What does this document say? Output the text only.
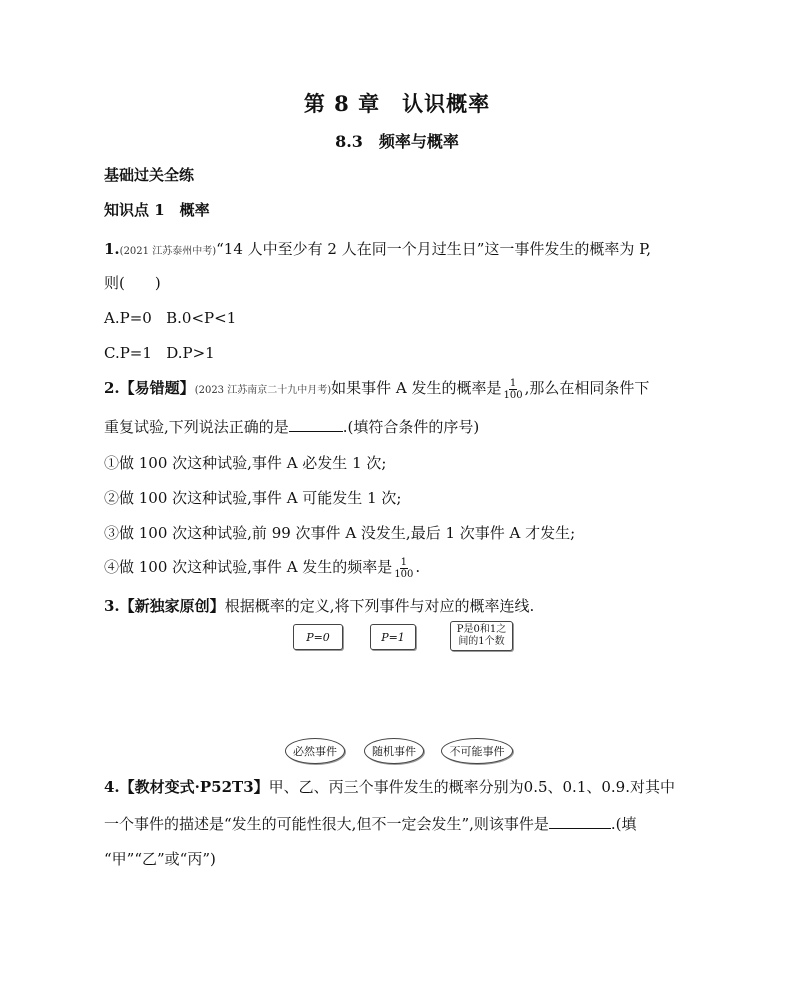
第 8 章　认识概率
8.3　频率与概率
基础过关全练
知识点 1　概率
1.(2021 江苏泰州中考)“14 人中至少有 2 人在同一个月过生日”这一事件发生的概率为 P,
则(　　)
A.P=0 B.0<P<1
C.P=1 D.P>1
2.【易错题】(2023 江苏南京二十九中月考)如果事件 A 发生的概率是 $\frac{1}{100}$ ,那么在相同条件下
重复试验,下列说法正确的是	.(填符合条件的序号)
①做 100 次这种试验,事件 A 必发生 1 次;
②做 100 次这种试验,事件 A 可能发生 1 次;
③做 100 次这种试验,前 99 次事件 A 没发生,最后 1 次事件 A 才发生;
④做 100 次这种试验,事件 A 发生的频率是 $\frac{1}{100}$ .
3.【新独家原创】根据概率的定义,将下列事件与对应的概率连线.
P=0	P=1
P是0和1之
间的1个数
必然事件	随机事件	不可能事件
4.【教材变式·P52T3】甲、乙、丙三个事件发生的概率分别为0.5、0.1、0.9.对其中
一个事件的描述是“发生的可能性很大,但不一定会发生”,则该事件是	.(填
“甲”“乙”或“丙”)
